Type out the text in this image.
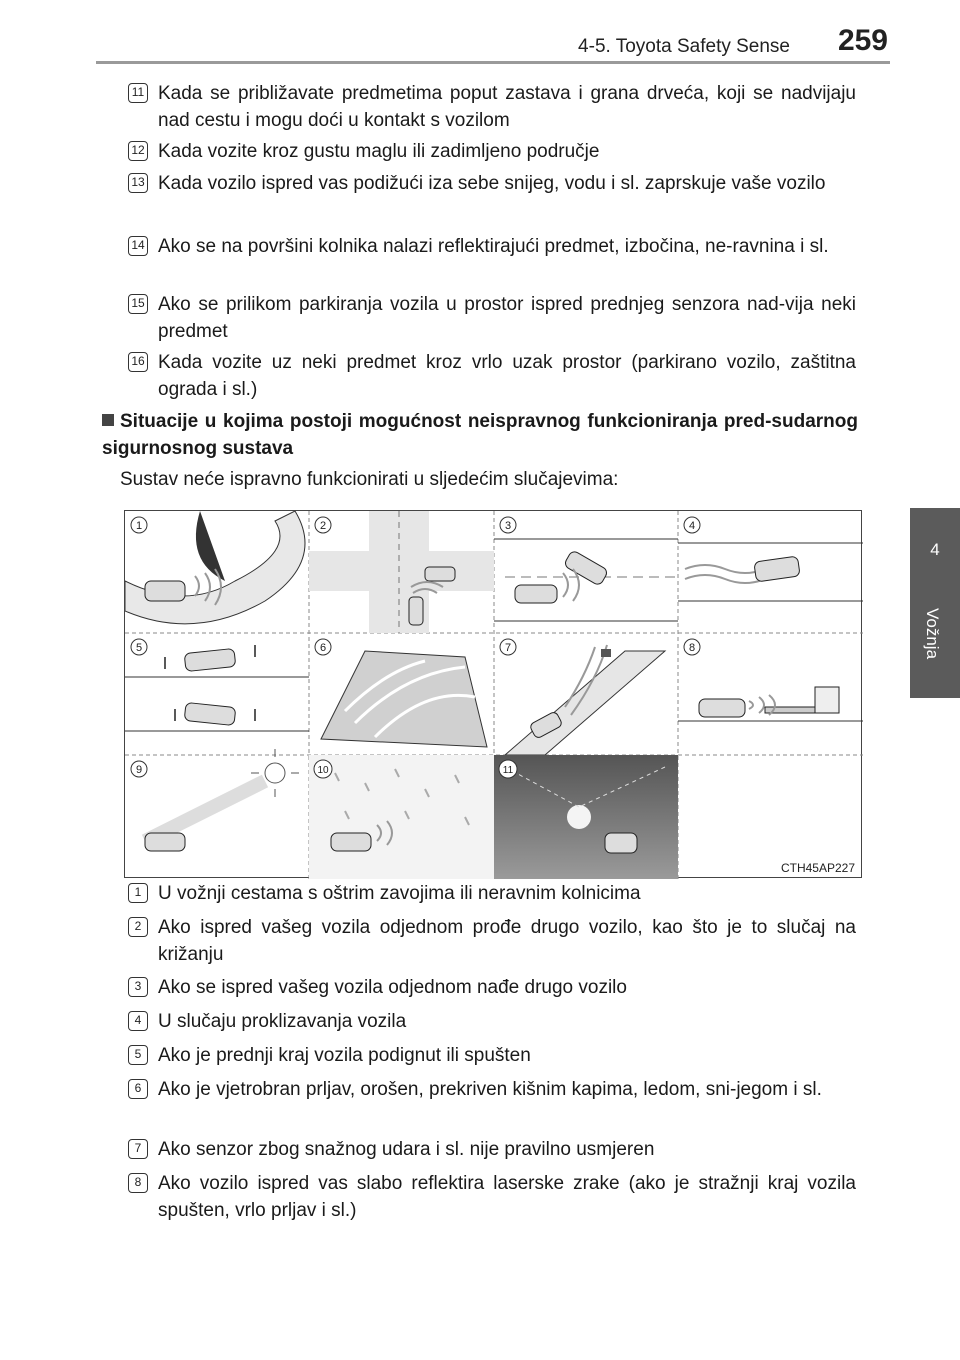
4-5. Toyota Safety Sense 259
4
Vožnja
11 Kada se približavate predmetima poput zastava i grana drveća, koji se nadvijaju nad cestu i mogu doći u kontakt s vozilom
12 Kada vozite kroz gustu maglu ili zadimljeno područje
13 Kada vozilo ispred vas podižući iza sebe snijeg, vodu i sl. zaprskuje vaše vozilo
14 Ako se na površini kolnika nalazi reflektirajući predmet, izbočina, ne-ravnina i sl.
15 Ako se prilikom parkiranja vozila u prostor ispred prednjeg senzora nad-vija neki predmet
16 Kada vozite uz neki predmet kroz vrlo uzak prostor (parkirano vozilo, zaštitna ograda i sl.)
Situacije u kojima postoji mogućnost neispravnog funkcioniranja pred-sudarnog sigurnosnog sustava
Sustav neće ispravno funkcionirati u sljedećim slučajevima:
1	2	3	4
5	6	7	8
9	10	11
CTH45AP227
1 U vožnji cestama s oštrim zavojima ili neravnim kolnicima
2 Ako ispred vašeg vozila odjednom prođe drugo vozilo, kao što je to slučaj na križanju
3 Ako se ispred vašeg vozila odjednom nađe drugo vozilo
4 U slučaju proklizavanja vozila
5 Ako je prednji kraj vozila podignut ili spušten
6 Ako je vjetrobran prljav, orošen, prekriven kišnim kapima, ledom, sni-jegom i sl.
7 Ako senzor zbog snažnog udara i sl. nije pravilno usmjeren
8 Ako vozilo ispred vas slabo reflektira laserske zrake (ako je stražnji kraj vozila spušten, vrlo prljav i sl.)
